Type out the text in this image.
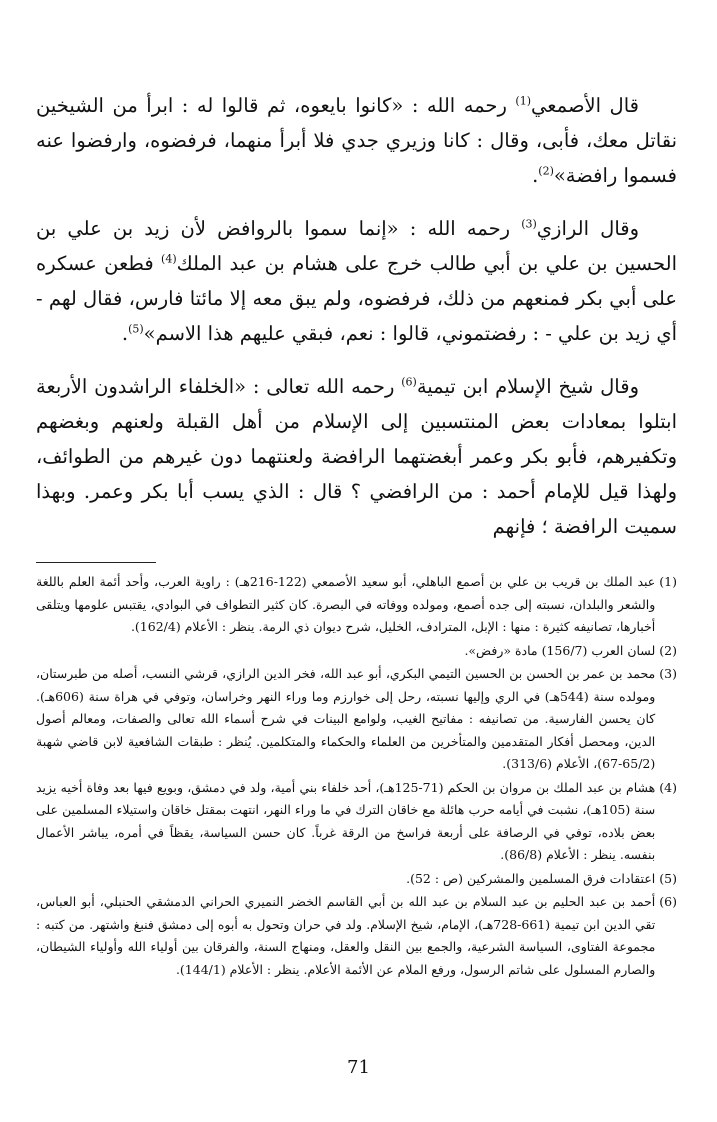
قال الأصمعي$^{(1)}$ رحمه الله : «كانوا بايعوه، ثم قالوا له : ابرأ من الشيخين نقاتل معك، فأبى، وقال : كانا وزيري جدي فلا أبرأ منهما، فرفضوه، وارفضوا عنه فسموا رافضة»$^{(2)}$.

وقال الرازي$^{(3)}$ رحمه الله : «إنما سموا بالروافض لأن زيد بن علي بن الحسين بن علي بن أبي طالب خرج على هشام بن عبد الملك$^{(4)}$ فطعن عسكره على أبي بكر فمنعهم من ذلك، فرفضوه، ولم يبق معه إلا مائتا فارس، فقال لهم - أي زيد بن علي - : رفضتموني، قالوا : نعم، فبقي عليهم هذا الاسم»$^{(5)}$.

وقال شيخ الإسلام ابن تيمية$^{(6)}$ رحمه الله تعالى : «الخلفاء الراشدون الأربعة ابتلوا بمعادات بعض المنتسبين إلى الإسلام من أهل القبلة ولعنهم وبغضهم وتكفيرهم، فأبو بكر وعمر أبغضتهما الرافضة ولعنتهما دون غيرهم من الطوائف، ولهذا قيل للإمام أحمد : من الرافضي ؟ قال : الذي يسب أبا بكر وعمر. وبهذا سميت الرافضة ؛ فإنهم

(1)
عبد الملك بن قريب بن علي بن أصمع الباهلي، أبو سعيد الأصمعي (122-216هـ) : راوية العرب، وأحد أئمة العلم باللغة والشعر والبلدان، نسبته إلى جده أصمع، ومولده ووفاته في البصرة. كان كثير التطواف في البوادي، يقتبس علومها ويتلقى أخبارها، تصانيفه كثيرة : منها : الإبل، المترادف، الخليل، شرح ديوان ذي الرمة. ينظر : الأعلام (162/4).
(2)
لسان العرب (156/7) مادة «رفض».
(3)
محمد بن عمر بن الحسن بن الحسين التيمي البكري، أبو عبد الله، فخر الدين الرازي، قرشي النسب، أصله من طبرستان، ومولده سنة (544هـ) في الري وإليها نسبته، رحل إلى خوارزم وما وراء النهر وخراسان، وتوفي في هراة سنة (606هـ). كان يحسن الفارسية. من تصانيفه : مفاتيح الغيب، ولوامع البينات في شرح أسماء الله تعالى والصفات، ومعالم أصول الدين، ومحصل أفكار المتقدمين والمتأخرين من العلماء والحكماء والمتكلمين. يُنظر : طبقات الشافعية لابن قاضي شهبة (65/2-67)، الأعلام (313/6).
(4)
هشام بن عبد الملك بن مروان بن الحكم (71-125هـ)، أحد خلفاء بني أمية، ولد في دمشق، وبويع فيها بعد وفاة أخيه يزيد سنة (105هـ)، نشبت في أيامه حرب هائلة مع خاقان الترك في ما وراء النهر، انتهت بمقتل خاقان واستيلاء المسلمين على بعض بلاده، توفي في الرصافة على أربعة فراسخ من الرقة غرباً. كان حسن السياسة، يقظاً في أمره، يباشر الأعمال بنفسه. ينظر : الأعلام (86/8).
(5)
اعتقادات فرق المسلمين والمشركين (ص : 52).
(6)
أحمد بن عبد الحليم بن عبد السلام بن عبد الله بن أبي القاسم الخضر النميري الحراني الدمشقي الحنبلي، أبو العباس، تقي الدين ابن تيمية (661-728هـ)، الإمام، شيخ الإسلام. ولد في حران وتحول به أبوه إلى دمشق فنبغ واشتهر. من كتبه : مجموعة الفتاوى، السياسة الشرعية، والجمع بين النقل والعقل، ومنهاج السنة، والفرقان بين أولياء الله وأولياء الشيطان، والصارم المسلول على شاتم الرسول، ورفع الملام عن الأئمة الأعلام. ينظر : الأعلام (144/1).
71
